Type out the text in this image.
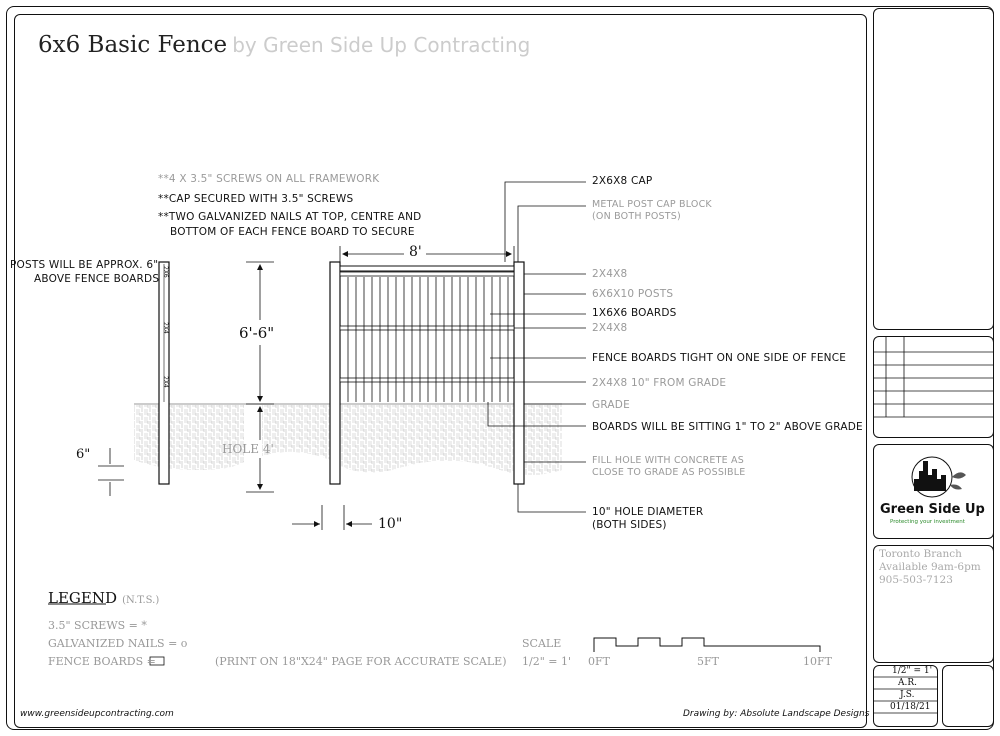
6x6 Basic Fence by Green Side Up Contracting
**4 X 3.5" SCREWS ON ALL FRAMEWORK
**CAP SECURED WITH 3.5" SCREWS
**TWO GALVANIZED NAILS AT TOP, CENTRE AND
BOTTOM OF EACH FENCE BOARD TO SECURE
POSTS WILL BE APPROX. 6"
ABOVE FENCE BOARDS
2X6
2X4
2X4
6"
6'-6"
HOLE 4'
10"
8'
2X6X8 CAP
METAL POST CAP BLOCK
(ON BOTH POSTS)
2X4X8
6X6X10 POSTS
1X6X6 BOARDS
2X4X8
FENCE BOARDS TIGHT ON ONE SIDE OF FENCE
2X4X8 10" FROM GRADE
GRADE
BOARDS WILL BE SITTING 1" TO 2" ABOVE GRADE
FILL HOLE WITH CONCRETE AS
CLOSE TO GRADE AS POSSIBLE
10" HOLE DIAMETER
(BOTH SIDES)
LEGEND (N.T.S.)
3.5" SCREWS = *
GALVANIZED NAILS = o
FENCE BOARDS =	(PRINT ON 18"X24" PAGE FOR ACCURATE SCALE)
SCALE
1/2" = 1' 0FT	5FT	10FT
www.greensideupcontracting.com	Drawing by: Absolute Landscape Designs
Green Side Up
Protecting your investment
Toronto Branch
Available 9am-6pm
905-503-7123
1/2" = 1'
A.R.
J.S.
01/18/21
